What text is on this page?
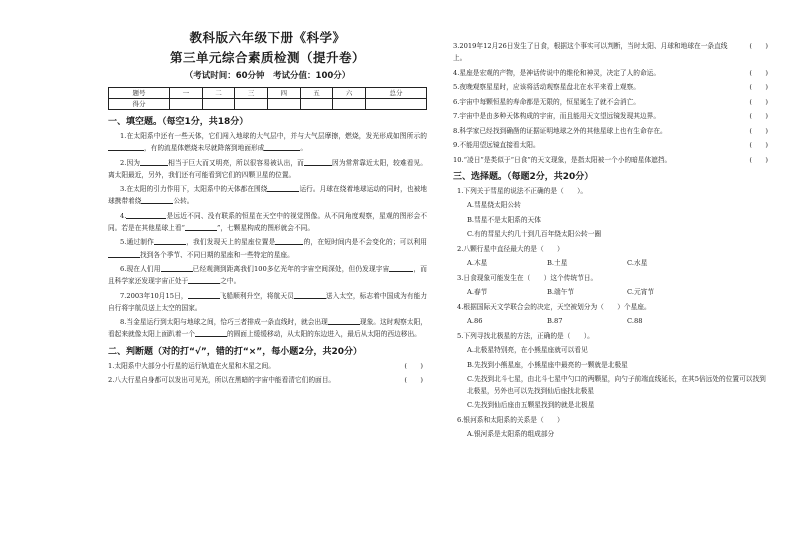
教科版六年级下册《科学》
第三单元综合素质检测（提升卷）
（考试时间：60分钟　考试分值：100分）
题号	一	二	三	四	五	六	总分
得分							
一、填空题。（每空1分，共18分）

1.在太阳系中还有一些天体，它们闯入地球的大气层中，并与大气层摩擦，燃烧，发光形成如图所示的，有的流星体燃烧未尽就降落到地面形成	。

2.因为	相当于巨大而又明亮，所以很容易被认出，而	因为常常靠近太阳，较难看见。离太阳最近，另外，我们还有可能看到它们的四颗卫星的位置。

3.在太阳的引力作用下，太阳系中的天体都在围绕	运行。月球在绕着地球运动的同时，也被地球携带着绕	公转。

4.	是远近不同、没有联系的恒星在天空中的视觉图像。从不同角度观察，星观的图形会不同。若是在其他星球上看“	”，七颗星构成的图形就会不同。

5.通过制作	，我们发现天上的星座位置是	的，在短时间内是不会变化的；可以利用找到各个季节、不同日期的星座和一些特定的星座。

6.现在人们用	已经观测到距离我们100多亿光年的宇宙空间深处，但仍发现宇宙	，而且科学家还发现宇宙正处于	之中。

7.2003年10月15日，	飞船顺利升空，将航天员	送入太空，标志着中国成为有能力自行将宇航员送上太空的国家。

8.当金星运行到太阳与地球之间，恰巧三者排成一条直线时，就会出现	现象。这时观察太阳，看起来就像太阳上面趴着一个	的圆面上缓缓移动，从太阳的东边进入，最后从太阳的西边移出。

二、判断题（对的打“√”，错的打“×”，每小题2分，共20分）

1.太阳系中大部分小行星的运行轨道在火星和木星之间。	(　　)

2.八大行星自身都可以发出可见光，所以在黑暗的宇宙中能看清它们的面目。	(　　)

3.2019年12月26日发生了日食，根据这个事实可以判断，当时太阳、月球和地球在一条直线上。
(　　)

4.星座是宏观的产物，是神话传说中的维伦和神灵，决定了人的命运。	(　　)

5.夜晚观察星星时，应该将活动观察星盘北在水平来看上观察。	(　　)

6.宇宙中每颗恒星的寿命都是无限的，恒星诞生了就不会消亡。	(　　)

7.宇宙中是由多种天体构成的宇宙，而且能用天文望远镜发现其边界。	(　　)

8.科学家已经找到确凿的证据证明地球之外的其他星球上也有生命存在。	(　　)

9.不能用望远镜直接看太阳。	(　　)

10.“凌日”是类似于“日食”的天文现象，是指太阳被一个小的暗星体遮挡。	(　　)

三、选择题。（每题2分，共20分）

1.下列关于彗星的说法不正确的是（　　）。

A.彗星绕太阳公转

B.彗星不是太阳系的天体

C.有的彗星大约几十到几百年绕太阳公转一圈

2.八颗行星中直径最大的是（　　）

A.木星	B.土星	C.水星

3.日食现象可能发生在（　　）这个传统节日。

A.春节	B.端午节	C.元宵节

4.根据国际天文学联合会的决定，天空被划分为（　　）个星座。

A.86	B.87	C.88

5.下列寻找北极星的方法，正确的是（　　）。

A.北极星特别亮，在小熊星座就可以看见

B.先找到小熊星座，小熊星座中最亮的一颗就是北极星

C.先找到北斗七星，由北斗七星中勺口的两颗星，向勺子前端直线延长，在其5倍远处的位置可以找到北极星，另外也可以先找到仙后座找北极星

C.先找到仙后座由五颗星找到的就是北极星

6.银河系和太阳系的关系是（　　）

A.银河系是太阳系的组成部分
